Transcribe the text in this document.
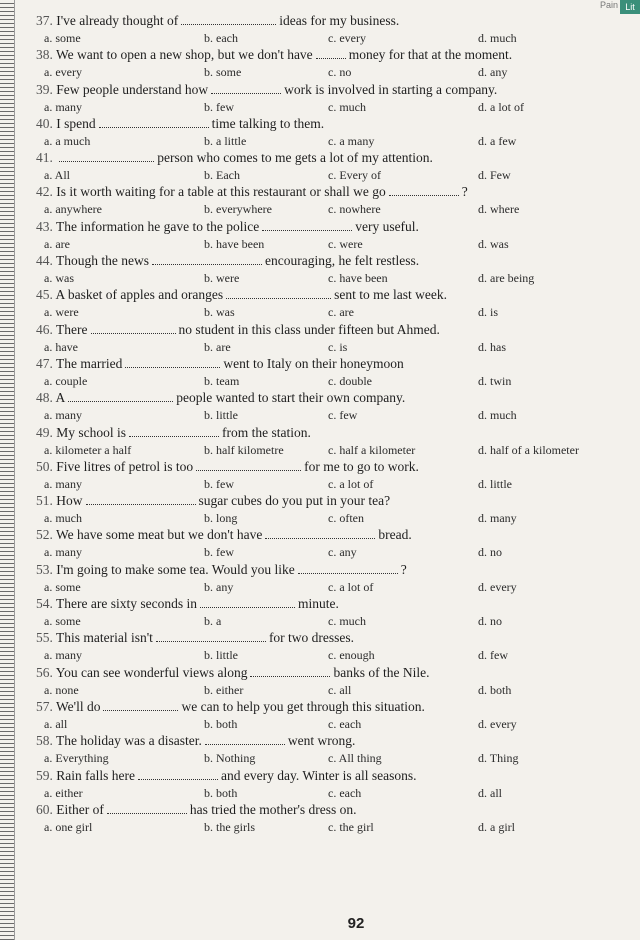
Pain Lit
37. I've already thought of	ideas for my business.
a. some	b. each	c. every	d. much
38. We want to open a new shop, but we don't have	money for that at the moment.
a. every	b. some	c. no	d. any
39. Few people understand how	work is involved in starting a company.
a. many	b. few	c. much	d. a lot of
40. I spend	time talking to them.
a. a much	b. a little	c. a many	d. a few
41.	person who comes to me gets a lot of my attention.
a. All	b. Each	c. Every of	d. Few
42. Is it worth waiting for a table at this restaurant or shall we go	?
a. anywhere	b. everywhere	c. nowhere	d. where
43. The information he gave to the police	very useful.
a. are	b. have been	c. were	d. was
44. Though the news	encouraging, he felt restless.
a. was	b. were	c. have been	d. are being
45. A basket of apples and oranges	sent to me last week.
a. were	b. was	c. are	d. is
46. There	no student in this class under fifteen but Ahmed.
a. have	b. are	c. is	d. has
47. The married	went to Italy on their honeymoon
a. couple	b. team	c. double	d. twin
48. A	people wanted to start their own company.
a. many	b. little	c. few	d. much
49. My school is	from the station.
a. kilometer a half	b. half kilometre	c. half a kilometer	d. half of a kilometer
50. Five litres of petrol is too	for me to go to work.
a. many	b. few	c. a lot of	d. little
51. How	sugar cubes do you put in your tea?
a. much	b. long	c. often	d. many
52. We have some meat but we don't have	bread.
a. many	b. few	c. any	d. no
53. I'm going to make some tea. Would you like	?
a. some	b. any	c. a lot of	d. every
54. There are sixty seconds in	minute.
a. some	b. a	c. much	d. no
55. This material isn't	for two dresses.
a. many	b. little	c. enough	d. few
56. You can see wonderful views along	banks of the Nile.
a. none	b. either	c. all	d. both
57. We'll do	we can to help you get through this situation.
a. all	b. both	c. each	d. every
58. The holiday was a disaster.	went wrong.
a. Everything	b. Nothing	c. All thing	d. Thing
59. Rain falls here	and every day. Winter is all seasons.
a. either	b. both	c. each	d. all
60. Either of	has tried the mother's dress on.
a. one girl	b. the girls	c. the girl	d. a girl
92
